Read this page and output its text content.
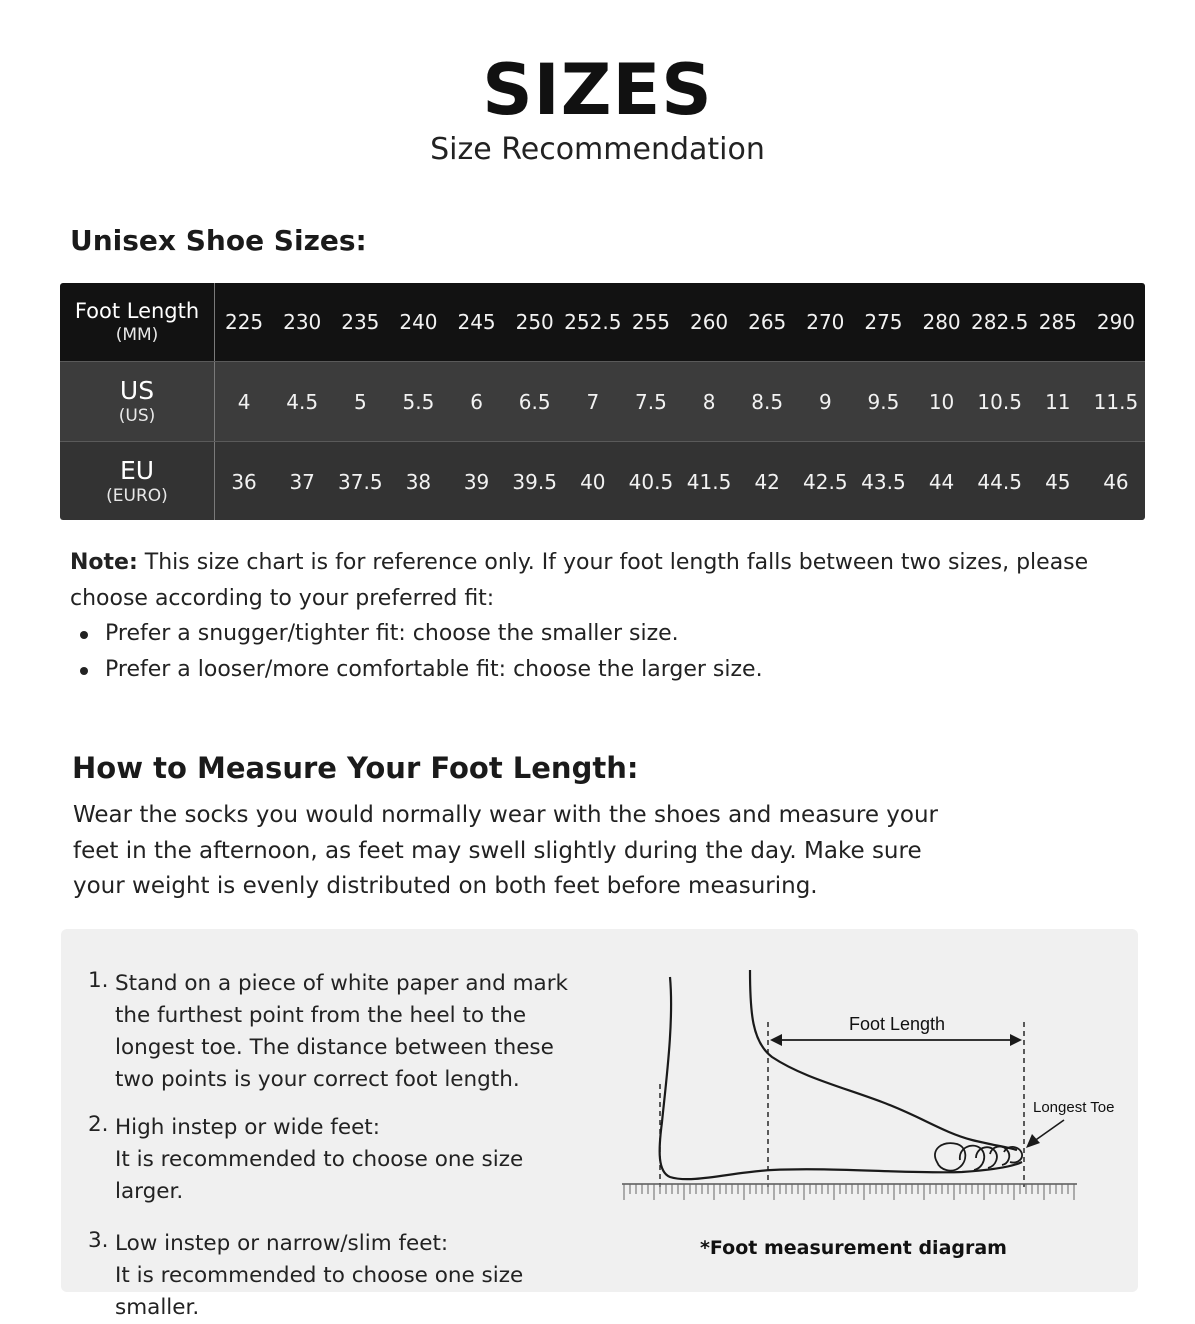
SIZES
Size Recommendation
Unisex Shoe Sizes:
Foot Length
(MM)
225 230 235 240 245 250 252.5 255 260 265 270 275 280 282.5 285 290
US
(US)
4	4.5	5	5.5	6	6.5	7	7.5	8	8.5	9	9.5	10	10.5	11	11.5
EU
(EURO)
36	37	37.5	38	39	39.5	40	40.5 41.5	42	42.5 43.5	44	44.5	45	46
Note: This size chart is for reference only. If your foot length falls between two sizes, please choose according to your preferred fit:
Prefer a snugger/tighter fit: choose the smaller size.
Prefer a looser/more comfortable fit: choose the larger size.
How to Measure Your Foot Length:
Wear the socks you would normally wear with the shoes and measure your feet in the afternoon, as feet may swell slightly during the day. Make sure your weight is evenly distributed on both feet before measuring.
1. Stand on a piece of white paper and mark the furthest point from the heel to the longest toe. The distance between these two points is your correct foot length.
2. High instep or wide feet:
It is recommended to choose one size larger.
3. Low instep or narrow/slim feet:
It is recommended to choose one size smaller.
Foot Length
Longest Toe
*Foot measurement diagram
